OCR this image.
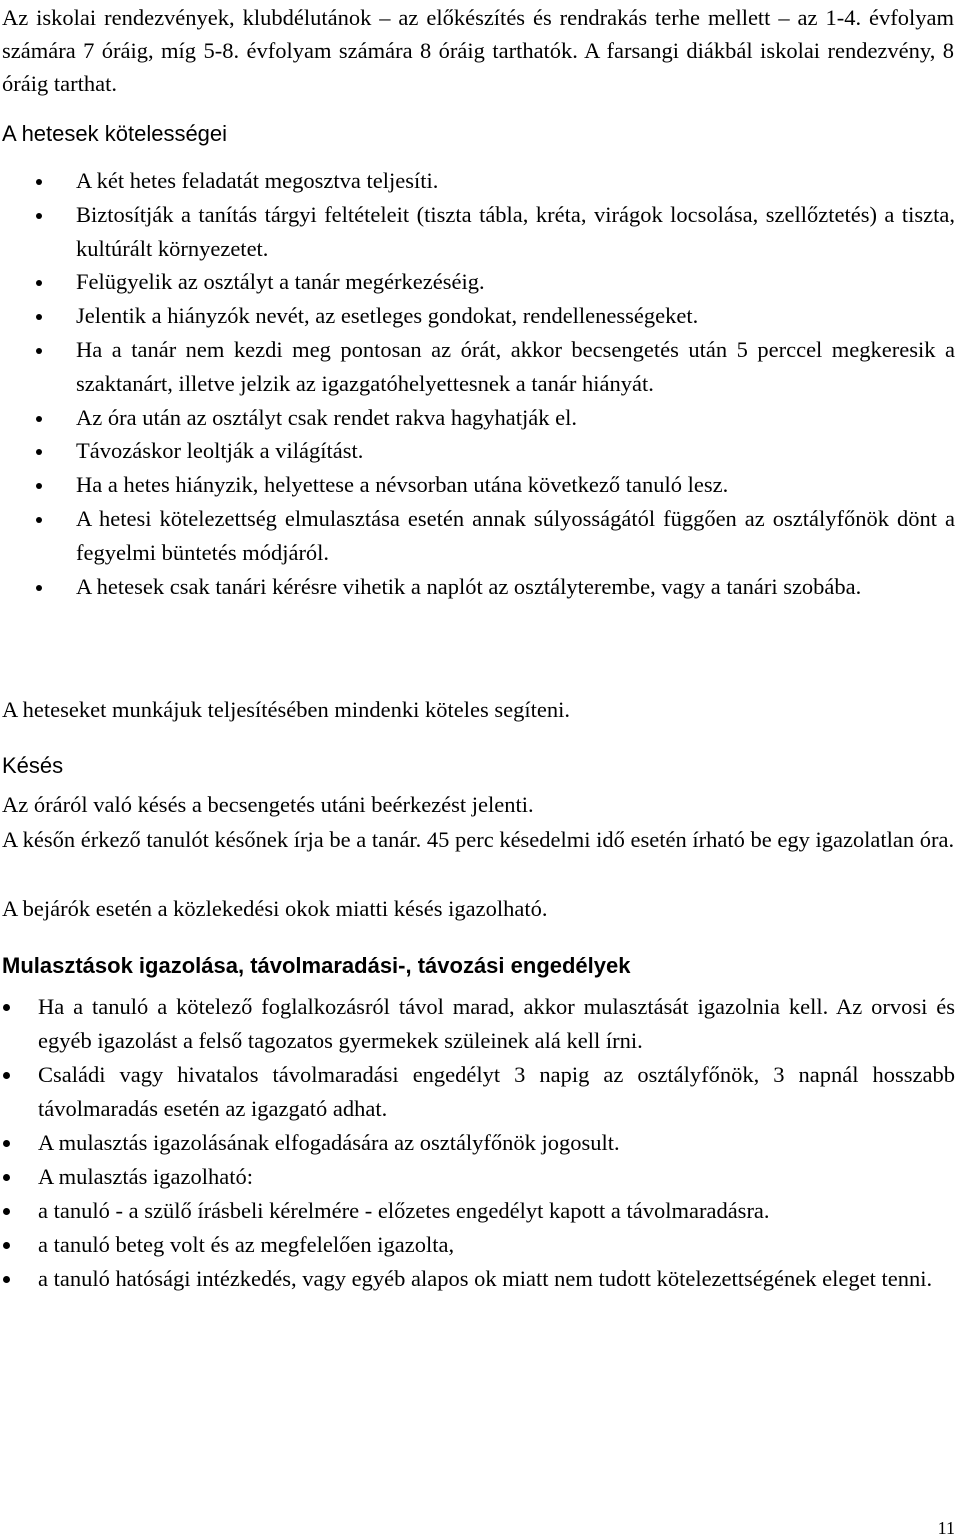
Az iskolai rendezvények, klubdélutánok – az előkészítés és rendrakás terhe mellett – az 1-4. évfolyam számára 7 óráig, míg 5-8. évfolyam számára 8 óráig tarthatók. A farsangi diákbál iskolai rendezvény, 8 óráig tarthat.

A hetesek kötelességei
A két hetes feladatát megosztva teljesíti.
Biztosítják a tanítás tárgyi feltételeit (tiszta tábla, kréta, virágok locsolása, szellőztetés) a tiszta, kultúrált környezetet.
Felügyelik az osztályt a tanár megérkezéséig.
Jelentik a hiányzók nevét, az esetleges gondokat, rendellenességeket.
Ha a tanár nem kezdi meg pontosan az órát, akkor becsengetés után 5 perccel megkeresik a szaktanárt, illetve jelzik az igazgatóhelyettesnek a tanár hiányát.
Az óra után az osztályt csak rendet rakva hagyhatják el.
Távozáskor leoltják a világítást.
Ha a hetes hiányzik, helyettese a névsorban utána következő tanuló lesz.
A hetesi kötelezettség elmulasztása esetén annak súlyosságától függően az osztályfőnök dönt a fegyelmi büntetés módjáról.
A hetesek csak tanári kérésre vihetik a naplót az osztályterembe, vagy a tanári szobába.

A heteseket munkájuk teljesítésében mindenki köteles segíteni.

Késés

Az óráról való késés a becsengetés utáni beérkezést jelenti.

A későn érkező tanulót későnek írja be a tanár. 45 perc késedelmi idő esetén írható be egy igazolatlan óra.

A bejárók esetén a közlekedési okok miatti késés igazolható.

Mulasztások igazolása, távolmaradási-, távozási engedélyek
Ha a tanuló a kötelező foglalkozásról távol marad, akkor mulasztását igazolnia kell. Az orvosi és egyéb igazolást a felső tagozatos gyermekek szüleinek alá kell írni.
Családi vagy hivatalos távolmaradási engedélyt 3 napig az osztályfőnök, 3 napnál hosszabb távolmaradás esetén az igazgató adhat.
A mulasztás igazolásának elfogadására az osztályfőnök jogosult.
A mulasztás igazolható:
a tanuló - a szülő írásbeli kérelmére - előzetes engedélyt kapott a távolmaradásra.
a tanuló beteg volt és az megfelelően igazolta,
a tanuló hatósági intézkedés, vagy egyéb alapos ok miatt nem tudott kötelezettségének eleget tenni.
11
